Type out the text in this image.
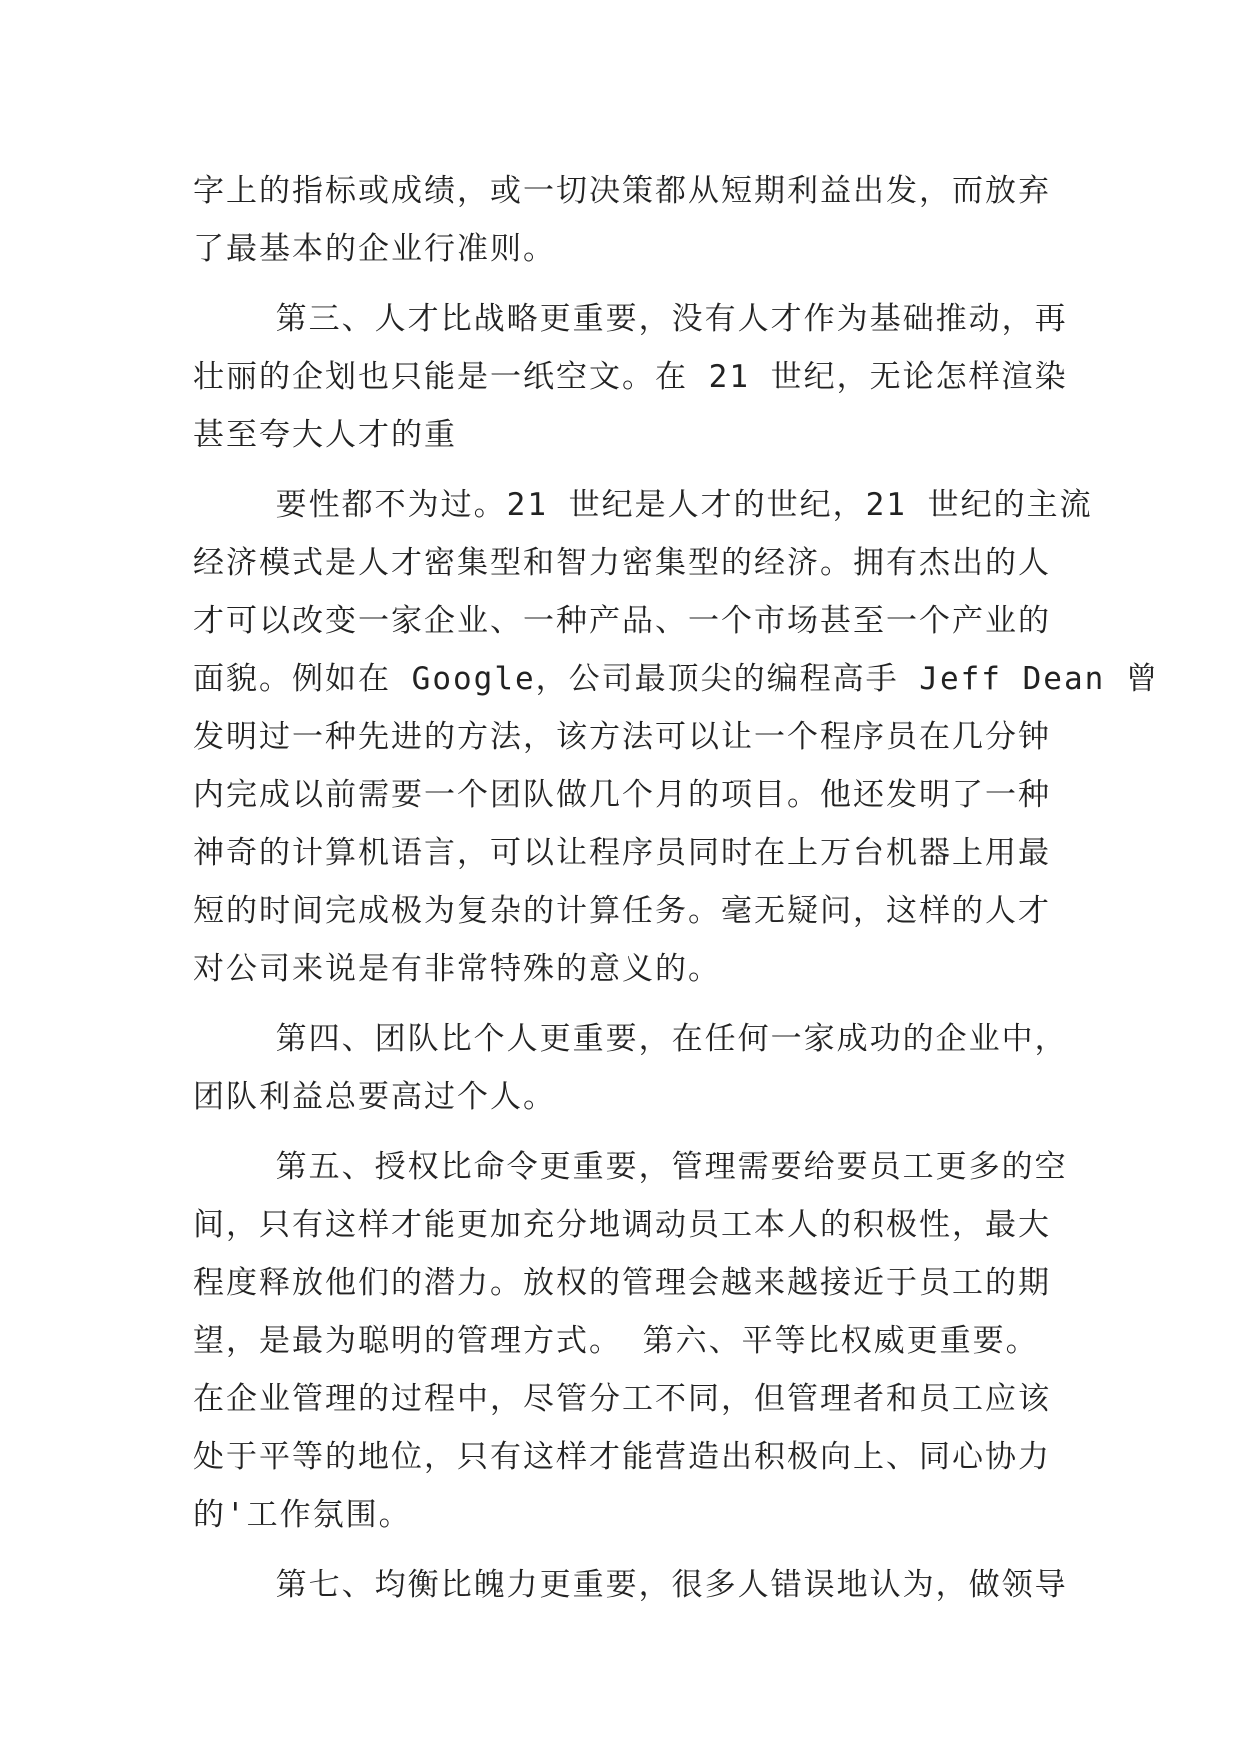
字上的指标或成绩，或一切决策都从短期利益出发，而放弃
了最基本的企业行准则。
第三、人才比战略更重要，没有人才作为基础推动，再
壮丽的企划也只能是一纸空文。在 21 世纪，无论怎样渲染
甚至夸大人才的重
要性都不为过。21 世纪是人才的世纪，21 世纪的主流
经济模式是人才密集型和智力密集型的经济。拥有杰出的人
才可以改变一家企业、一种产品、一个市场甚至一个产业的
面貌。例如在 Google，公司最顶尖的编程高手 Jeff Dean 曾
发明过一种先进的方法，该方法可以让一个程序员在几分钟
内完成以前需要一个团队做几个月的项目。他还发明了一种
神奇的计算机语言，可以让程序员同时在上万台机器上用最
短的时间完成极为复杂的计算任务。毫无疑问，这样的人才
对公司来说是有非常特殊的意义的。
第四、团队比个人更重要，在任何一家成功的企业中，
团队利益总要高过个人。
第五、授权比命令更重要，管理需要给要员工更多的空
间，只有这样才能更加充分地调动员工本人的积极性，最大
程度释放他们的潜力。放权的管理会越来越接近于员工的期
望，是最为聪明的管理方式。 第六、平等比权威更重要。
在企业管理的过程中，尽管分工不同，但管理者和员工应该
处于平等的地位，只有这样才能营造出积极向上、同心协力
的'工作氛围。
第七、均衡比魄力更重要，很多人错误地认为，做领导
